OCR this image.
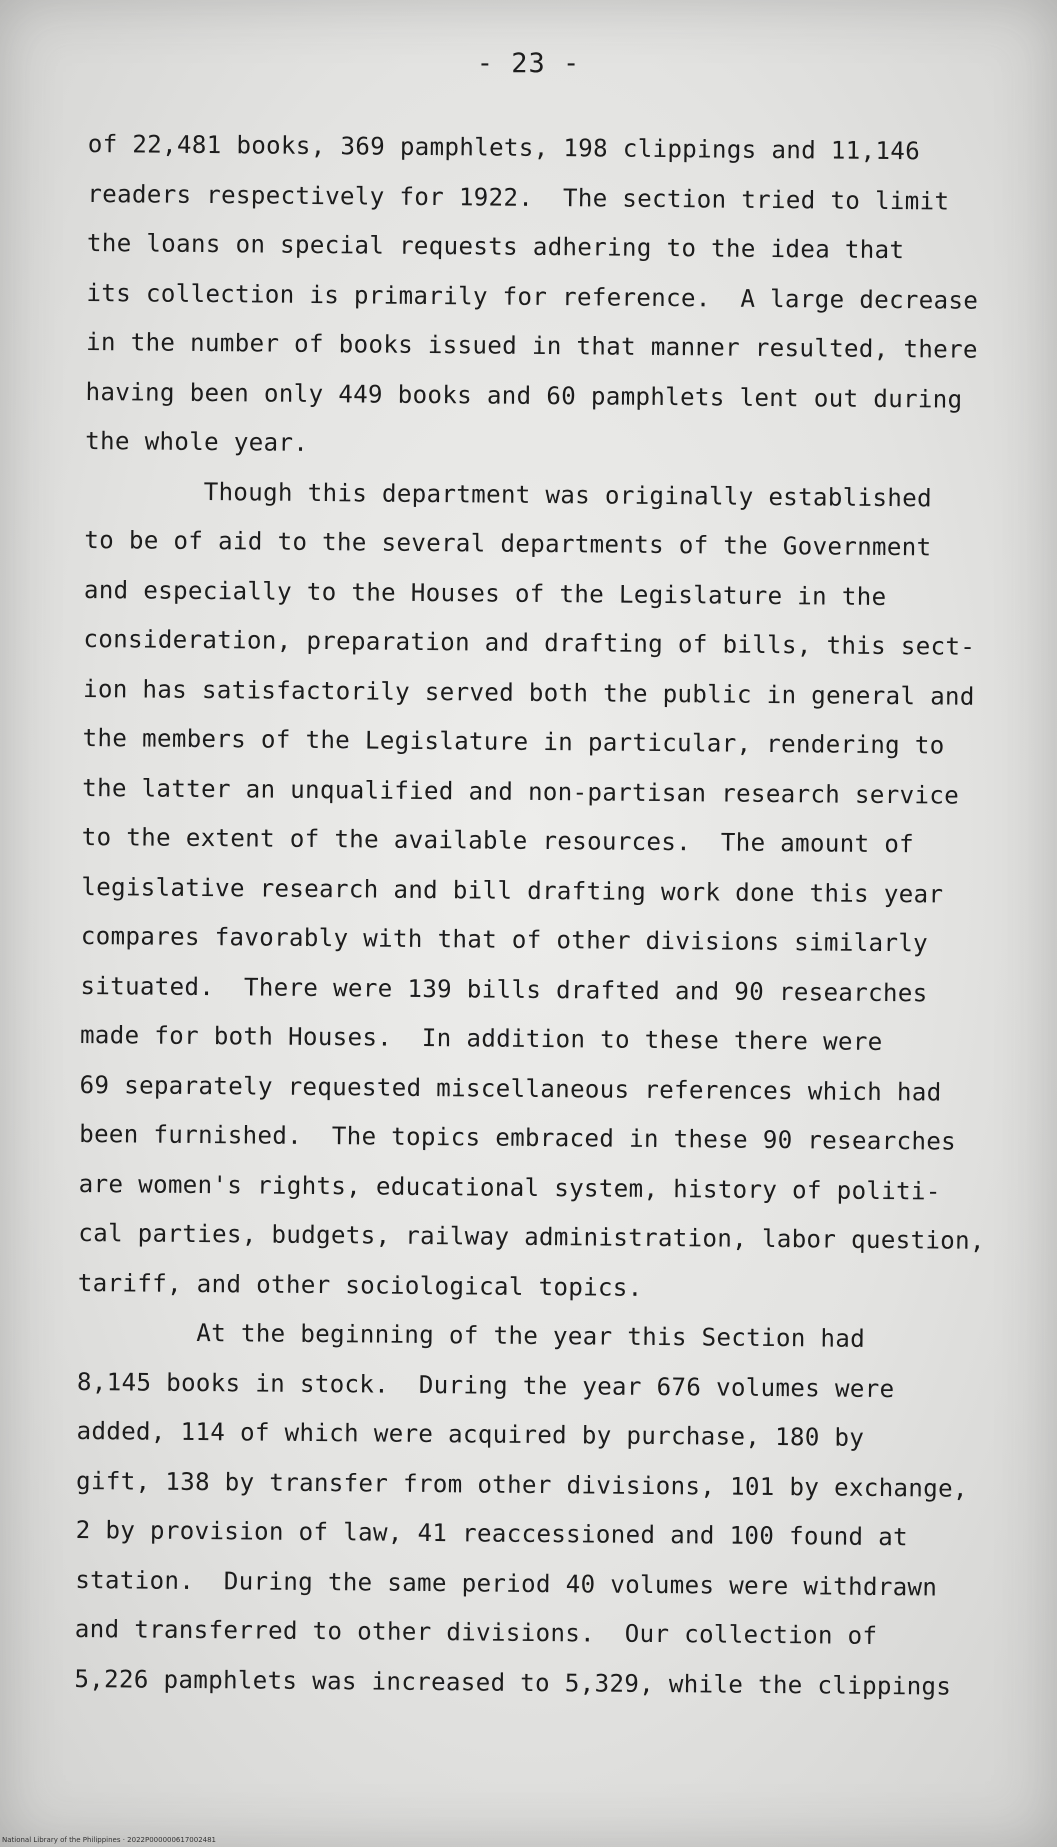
- 23 -
of 22,481 books, 369 pamphlets, 198 clippings and 11,146
readers respectively for 1922.  The section tried to limit
the loans on special requests adhering to the idea that
its collection is primarily for reference.  A large decrease
in the number of books issued in that manner resulted, there
having been only 449 books and 60 pamphlets lent out during
the whole year.
Though this department was originally established
to be of aid to the several departments of the Government
and especially to the Houses of the Legislature in the
consideration, preparation and drafting of bills, this sect-
ion has satisfactorily served both the public in general and
the members of the Legislature in particular, rendering to
the latter an unqualified and non-partisan research service
to the extent of the available resources.  The amount of
legislative research and bill drafting work done this year
compares favorably with that of other divisions similarly
situated.  There were 139 bills drafted and 90 researches
made for both Houses.  In addition to these there were
69 separately requested miscellaneous references which had
been furnished.  The topics embraced in these 90 researches
are women's rights, educational system, history of politi-
cal parties, budgets, railway administration, labor question,
tariff, and other sociological topics.
At the beginning of the year this Section had
8,145 books in stock.  During the year 676 volumes were
added, 114 of which were acquired by purchase, 180 by
gift, 138 by transfer from other divisions, 101 by exchange,
2 by provision of law, 41 reaccessioned and 100 found at
station.  During the same period 40 volumes were withdrawn
and transferred to other divisions.  Our collection of
5,226 pamphlets was increased to 5,329, while the clippings
National Library of the Philippines · 2022P000000617002481
